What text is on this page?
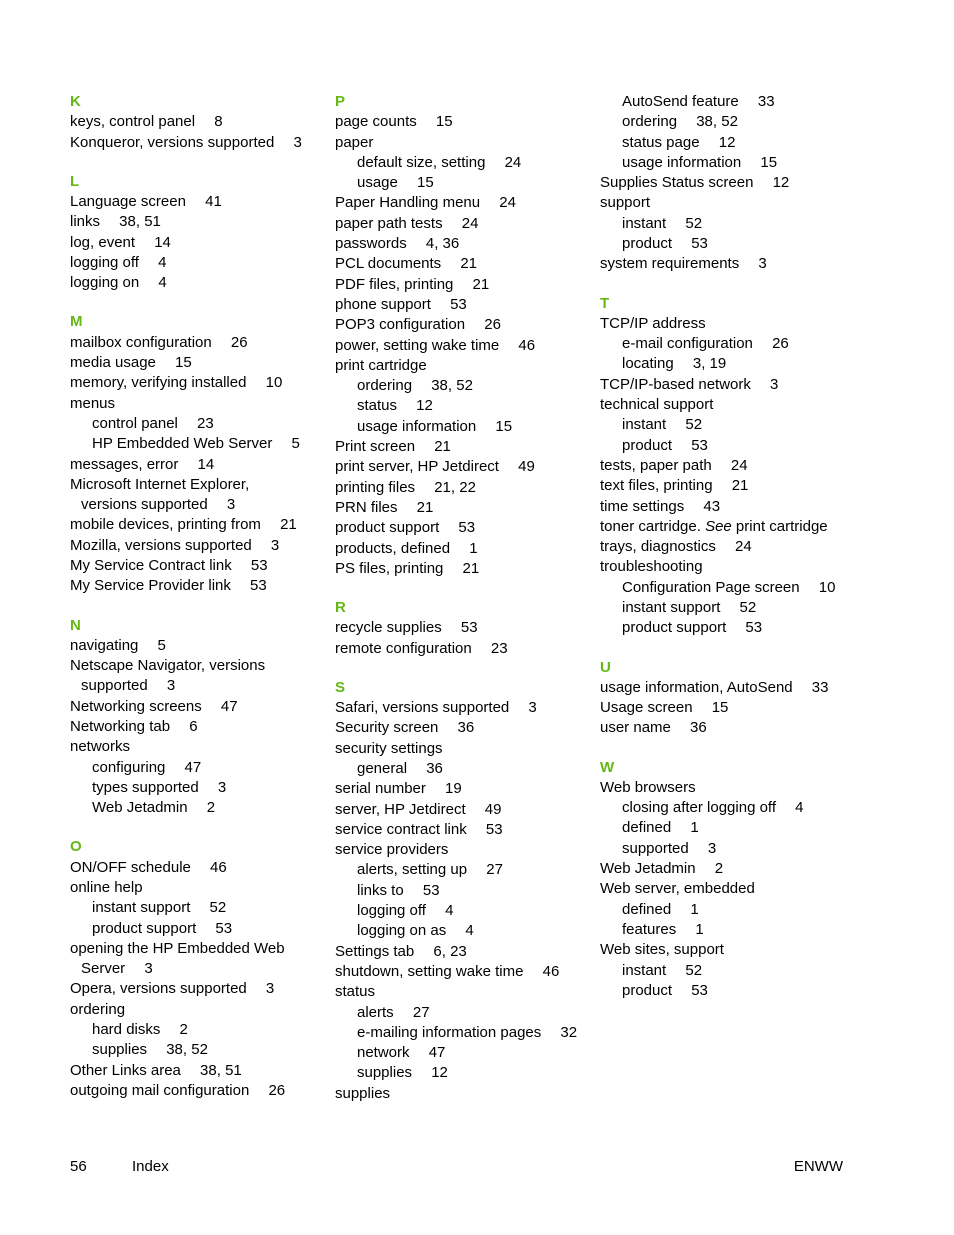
K
keys, control panel  8
Konqueror, versions supported  3
L
Language screen  41
links  38, 51
log, event  14
logging off  4
logging on  4
M
mailbox configuration  26
media usage  15
memory, verifying installed  10
menus
control panel  23
HP Embedded Web Server  5
messages, error  14
Microsoft Internet Explorer,
versions supported  3
mobile devices, printing from  21
Mozilla, versions supported  3
My Service Contract link  53
My Service Provider link  53
N
navigating  5
Netscape Navigator, versions
supported  3
Networking screens  47
Networking tab  6
networks
configuring  47
types supported  3
Web Jetadmin  2
O
ON/OFF schedule  46
online help
instant support  52
product support  53
opening the HP Embedded Web
Server  3
Opera, versions supported  3
ordering
hard disks  2
supplies  38, 52
Other Links area  38, 51
outgoing mail configuration  26
P
page counts  15
paper
default size, setting  24
usage  15
Paper Handling menu  24
paper path tests  24
passwords  4, 36
PCL documents  21
PDF files, printing  21
phone support  53
POP3 configuration  26
power, setting wake time  46
print cartridge
ordering  38, 52
status  12
usage information  15
Print screen  21
print server, HP Jetdirect  49
printing files  21, 22
PRN files  21
product support  53
products, defined  1
PS files, printing  21
R
recycle supplies  53
remote configuration  23
S
Safari, versions supported  3
Security screen  36
security settings
general  36
serial number  19
server, HP Jetdirect  49
service contract link  53
service providers
alerts, setting up  27
links to  53
logging off  4
logging on as  4
Settings tab  6, 23
shutdown, setting wake time  46
status
alerts  27
e-mailing information pages  32
network  47
supplies  12
supplies
AutoSend feature  33
ordering  38, 52
status page  12
usage information  15
Supplies Status screen  12
support
instant  52
product  53
system requirements  3
T
TCP/IP address
e-mail configuration  26
locating  3, 19
TCP/IP-based network  3
technical support
instant  52
product  53
tests, paper path  24
text files, printing  21
time settings  43
toner cartridge. See print cartridge
trays, diagnostics  24
troubleshooting
Configuration Page screen  10
instant support  52
product support  53
U
usage information, AutoSend  33
Usage screen  15
user name  36
W
Web browsers
closing after logging off  4
defined  1
supported  3
Web Jetadmin  2
Web server, embedded
defined  1
features  1
Web sites, support
instant  52
product  53
56	Index	ENWW
